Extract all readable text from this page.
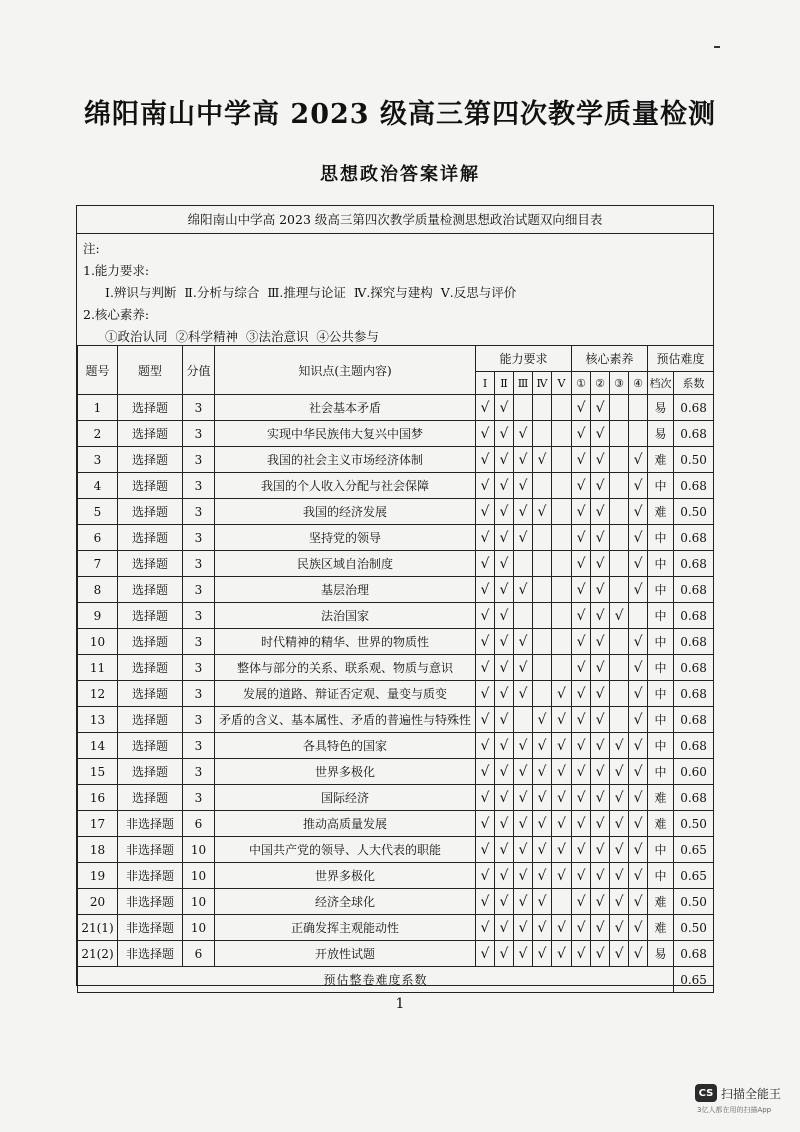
绵阳南山中学高 2023 级高三第四次教学质量检测
思想政治答案详解
绵阳南山中学高 2023 级高三第四次教学质量检测思想政治试题双向细目表
注:
1.能力要求:
Ⅰ.辨识与判断 Ⅱ.分析与综合 Ⅲ.推理与论证 Ⅳ.探究与建构 Ⅴ.反思与评价
2.核心素养:
①政治认同 ②科学精神 ③法治意识 ④公共参与
题号	题型	分值	知识点(主题内容)	能力要求					核心素养				预估难度	
				Ⅰ	Ⅱ	Ⅲ	Ⅳ	Ⅴ	①	②	③	④	档次	系数
1	选择题	3	社会基本矛盾	√	√				√	√			易	0.68
2	选择题	3	实现中华民族伟大复兴中国梦	√	√	√			√	√			易	0.68
3	选择题	3	我国的社会主义市场经济体制	√	√	√	√		√	√		√	难	0.50
4	选择题	3	我国的个人收入分配与社会保障	√	√	√			√	√		√	中	0.68
5	选择题	3	我国的经济发展	√	√	√	√		√	√		√	难	0.50
6	选择题	3	坚持党的领导	√	√	√			√	√		√	中	0.68
7	选择题	3	民族区域自治制度	√	√				√	√		√	中	0.68
8	选择题	3	基层治理	√	√	√			√	√		√	中	0.68
9	选择题	3	法治国家	√	√				√	√	√		中	0.68
10	选择题	3	时代精神的精华、世界的物质性	√	√	√			√	√		√	中	0.68
11	选择题	3	整体与部分的关系、联系观、物质与意识	√	√	√			√	√		√	中	0.68
12	选择题	3	发展的道路、辩证否定观、量变与质变	√	√	√		√	√	√		√	中	0.68
13	选择题	3	矛盾的含义、基本属性、矛盾的普遍性与特殊性	√	√		√	√	√	√		√	中	0.68
14	选择题	3	各具特色的国家	√	√	√	√	√	√	√	√	√	中	0.68
15	选择题	3	世界多极化	√	√	√	√	√	√	√	√	√	中	0.60
16	选择题	3	国际经济	√	√	√	√	√	√	√	√	√	难	0.68
17	非选择题	6	推动高质量发展	√	√	√	√	√	√	√	√	√	难	0.50
18	非选择题	10	中国共产党的领导、人大代表的职能	√	√	√	√	√	√	√	√	√	中	0.65
19	非选择题	10	世界多极化	√	√	√	√	√	√	√	√	√	中	0.65
20	非选择题	10	经济全球化	√	√	√	√		√	√	√	√	难	0.50
21(1)	非选择题	10	正确发挥主观能动性	√	√	√	√	√	√	√	√	√	难	0.50
21(2)	非选择题	6	开放性试题	√	√	√	√	√	√	√	√	√	易	0.68
预估整卷难度系数														0.65
1
CS 扫描全能王
3亿人都在用的扫描App
